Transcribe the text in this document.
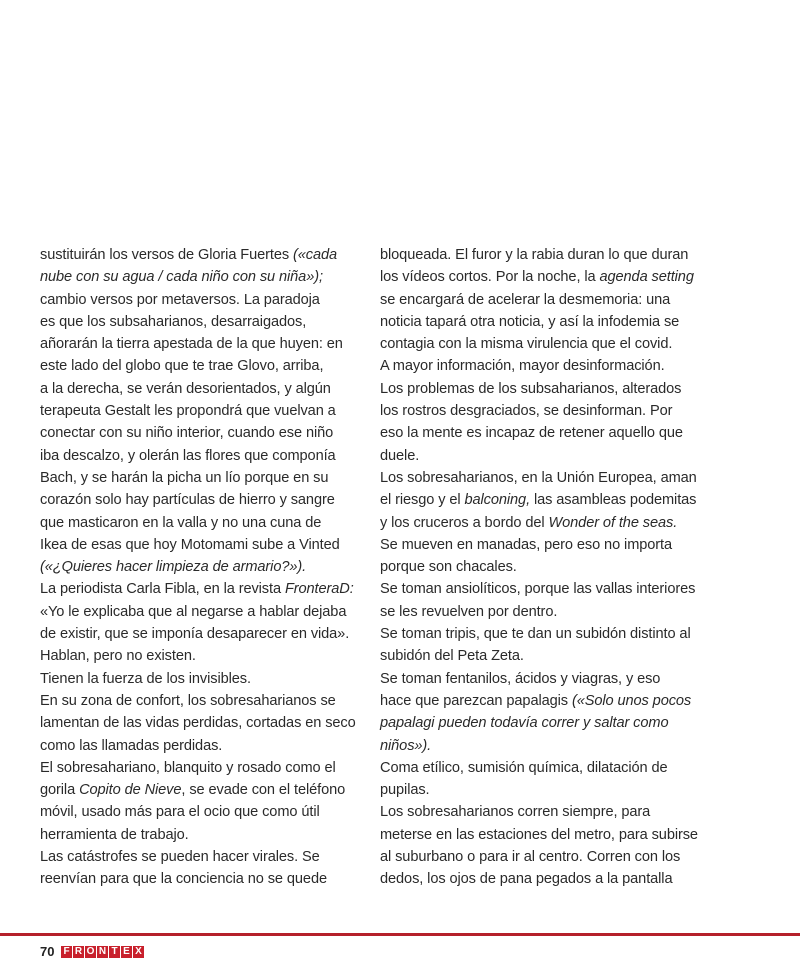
sustituirán los versos de Gloria Fuertes («cada
nube con su agua / cada niño con su niña»);
cambio versos por metaversos. La paradoja
es que los subsaharianos, desarraigados,
añorarán la tierra apestada de la que huyen: en
este lado del globo que te trae Glovo, arriba,
a la derecha, se verán desorientados, y algún
terapeuta Gestalt les propondrá que vuelvan a
conectar con su niño interior, cuando ese niño
iba descalzo, y olerán las flores que componía
Bach, y se harán la picha un lío porque en su
corazón solo hay partículas de hierro y sangre
que masticaron en la valla y no una cuna de
Ikea de esas que hoy Motomami sube a Vinted
(«¿Quieres hacer limpieza de armario?»).
La periodista Carla Fibla, en la revista FronteraD:
«Yo le explicaba que al negarse a hablar dejaba
de existir, que se imponía desaparecer en vida».
Hablan, pero no existen.
Tienen la fuerza de los invisibles.
En su zona de confort, los sobresaharianos se
lamentan de las vidas perdidas, cortadas en seco
como las llamadas perdidas.
El sobresahariano, blanquito y rosado como el
gorila Copito de Nieve, se evade con el teléfono
móvil, usado más para el ocio que como útil
herramienta de trabajo.
Las catástrofes se pueden hacer virales. Se
reenvían para que la conciencia no se quede
bloqueada. El furor y la rabia duran lo que duran
los vídeos cortos. Por la noche, la agenda setting
se encargará de acelerar la desmemoria: una
noticia tapará otra noticia, y así la infodemia se
contagia con la misma virulencia que el covid.
A mayor información, mayor desinformación.
Los problemas de los subsaharianos, alterados
los rostros desgraciados, se desinforman. Por
eso la mente es incapaz de retener aquello que
duele.
Los sobresaharianos, en la Unión Europea, aman
el riesgo y el balconing, las asambleas podemitas
y los cruceros a bordo del Wonder of the seas.
Se mueven en manadas, pero eso no importa
porque son chacales.
Se toman ansiolíticos, porque las vallas interiores
se les revuelven por dentro.
Se toman tripis, que te dan un subidón distinto al
subidón del Peta Zeta.
Se toman fentanilos, ácidos y viagras, y eso
hace que parezcan papalagis («Solo unos pocos
papalagi pueden todavía correr y saltar como
niños»).
Coma etílico, sumisión química, dilatación de
pupilas.
Los sobresaharianos corren siempre, para
meterse en las estaciones del metro, para subirse
al suburbano o para ir al centro. Corren con los
dedos, los ojos de pana pegados a la pantalla
70 F R O N T E X
